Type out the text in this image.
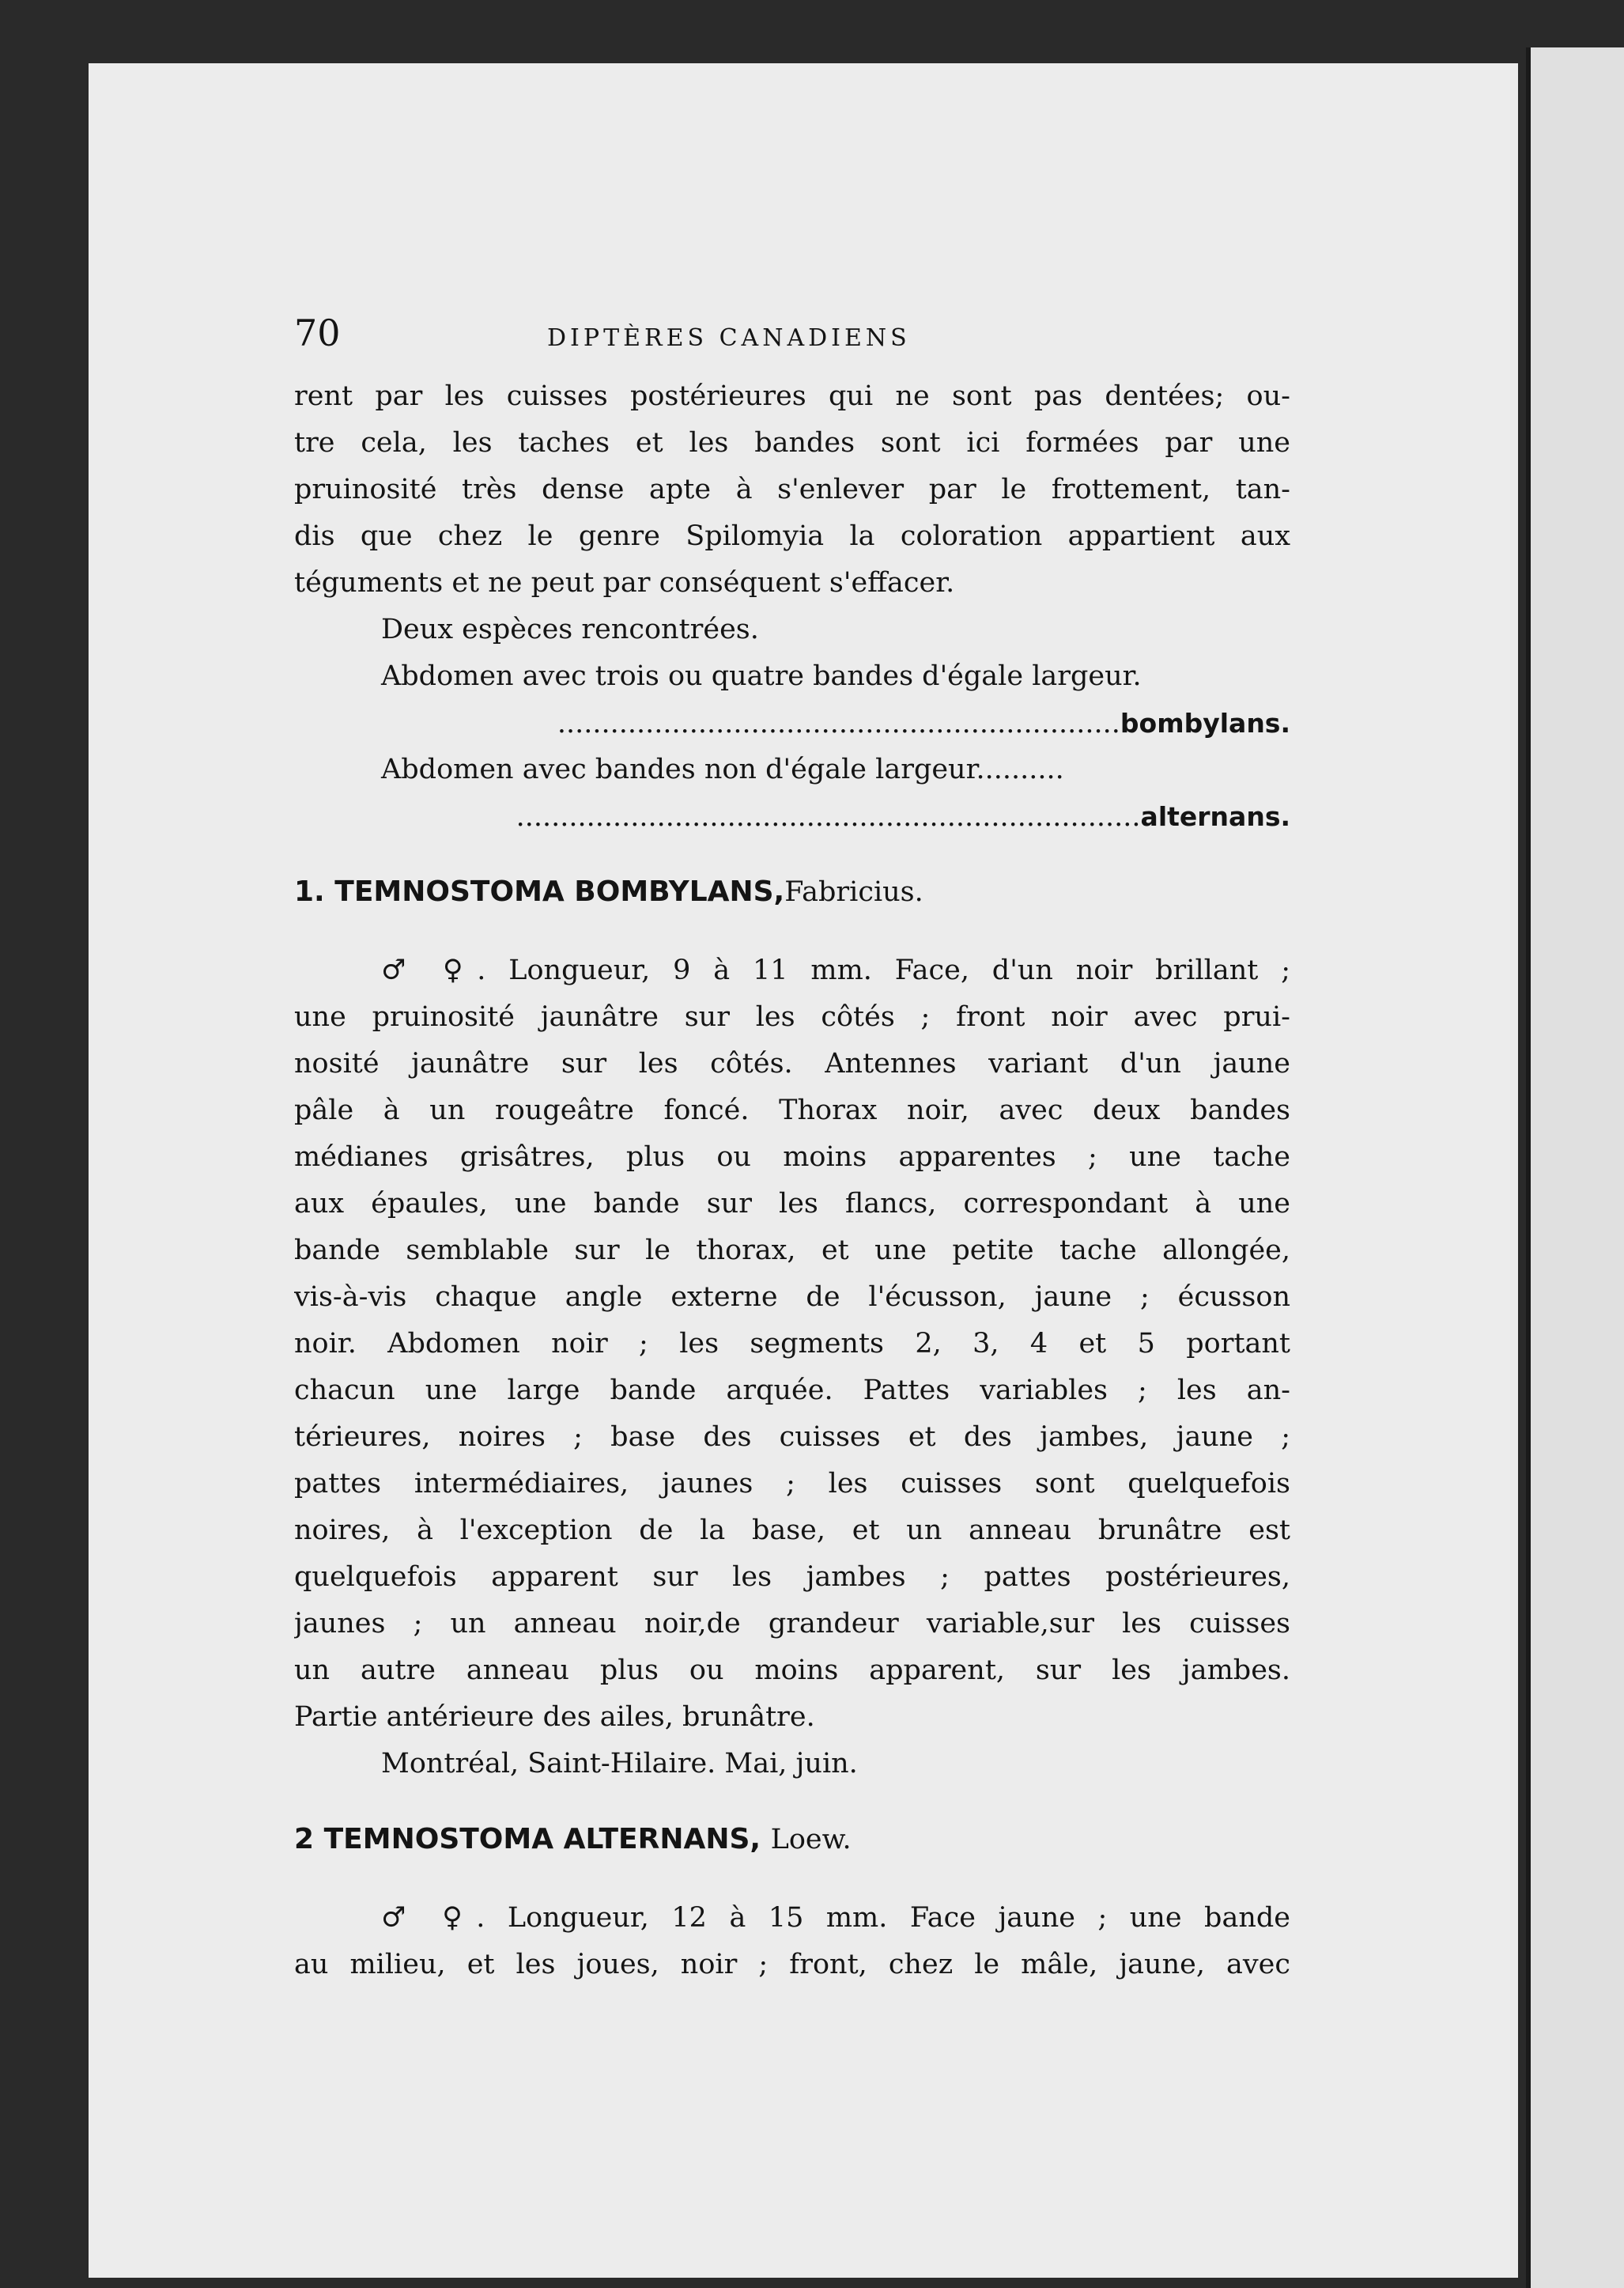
70	DIPTÈRES CANADIENS
rent par les cuisses postérieures qui ne sont pas dentées; ou-
tre cela, les taches et les bandes sont ici formées par une
pruinosité très dense apte à s'enlever par le frottement, tan-
dis que chez le genre Spilomyia la coloration appartient aux
téguments et ne peut par conséquent s'effacer.
Deux espèces rencontrées.
Abdomen avec trois ou quatre bandes d'égale largeur.
................................................................bombylans.
Abdomen avec bandes non d'égale largeur..........
.......................................................................alternans.
1. TEMNOSTOMA BOMBYLANS,Fabricius.
♂ ♀. Longueur, 9 à 11 mm. Face, d'un noir brillant ;
une pruinosité jaunâtre sur les côtés ; front noir avec prui-
nosité jaunâtre sur les côtés. Antennes variant d'un jaune
pâle à un rougeâtre foncé. Thorax noir, avec deux bandes
médianes grisâtres, plus ou moins apparentes ; une tache
aux épaules, une bande sur les flancs, correspondant à une
bande semblable sur le thorax, et une petite tache allongée,
vis-à-vis chaque angle externe de l'écusson, jaune ; écusson
noir. Abdomen noir ; les segments 2, 3, 4 et 5 portant
chacun une large bande arquée. Pattes variables ; les an-
térieures, noires ; base des cuisses et des jambes, jaune ;
pattes intermédiaires, jaunes ; les cuisses sont quelquefois
noires, à l'exception de la base, et un anneau brunâtre est
quelquefois apparent sur les jambes ; pattes postérieures,
jaunes ; un anneau noir,de grandeur variable,sur les cuisses
un autre anneau plus ou moins apparent, sur les jambes.
Partie antérieure des ailes, brunâtre.
Montréal, Saint-Hilaire. Mai, juin.
2 TEMNOSTOMA ALTERNANS, Loew.
♂ ♀. Longueur, 12 à 15 mm. Face jaune ; une bande
au milieu, et les joues, noir ; front, chez le mâle, jaune, avec
